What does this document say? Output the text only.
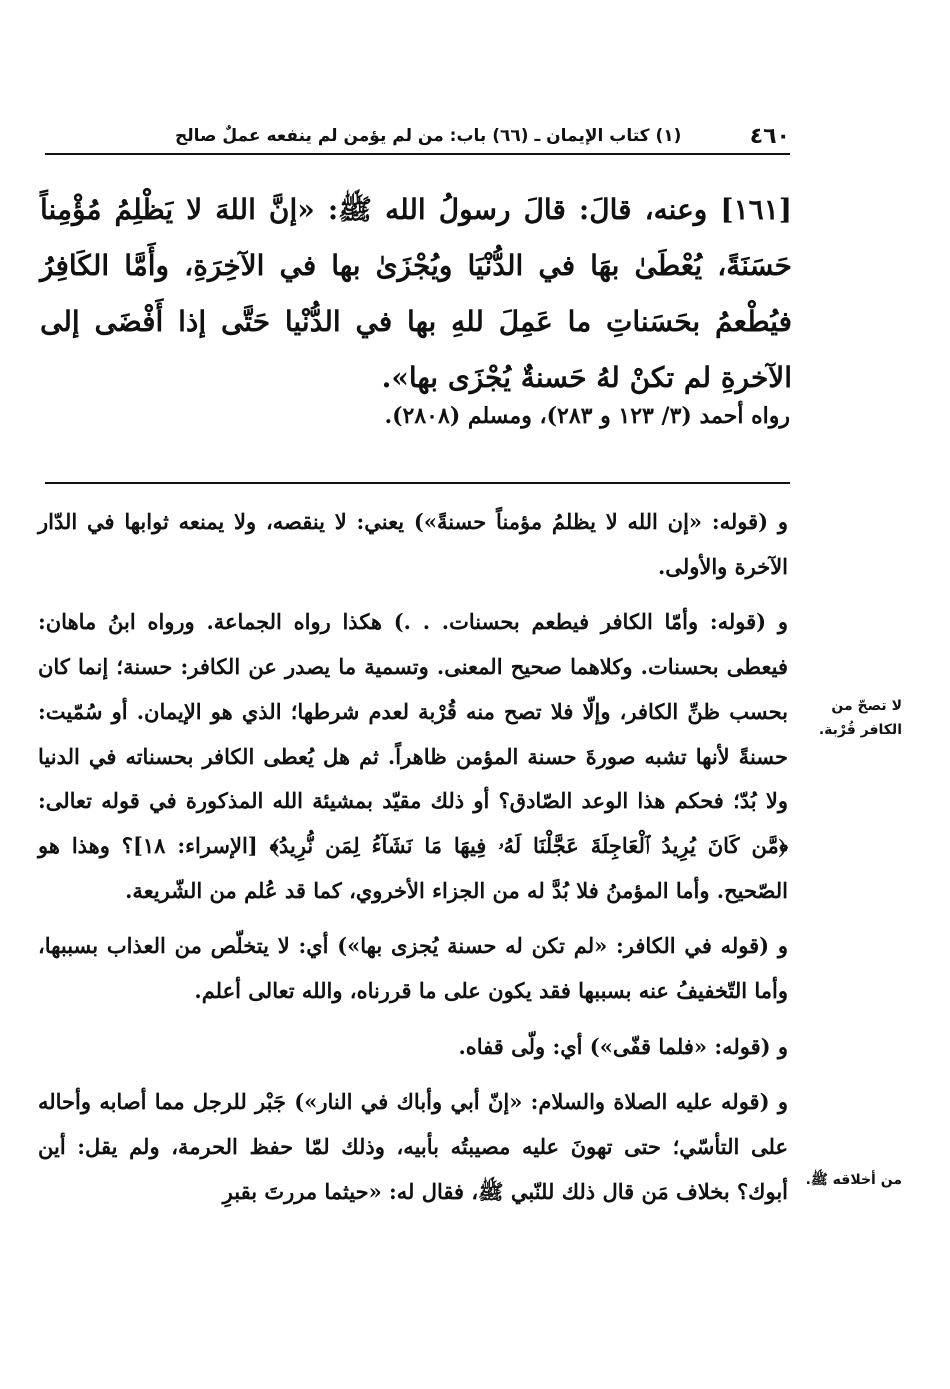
٤٦٠
(١) كتاب الإيمان ـ (٦٦) باب: من لم يؤمن لم ينفعه عملٌ صالح
[١٦١] وعنه، قالَ: قالَ رسولُ الله ﷺ: «إنَّ اللهَ لا يَظْلِمُ مُؤْمِناً حَسَنَةً، يُعْطَىٰ بهَا في الدُّنْيَا ويُجْزَىٰ بها في الآخِرَةِ، وأَمَّا الكَافِرُ فيُطْعمُ بحَسَناتِ ما عَمِلَ للهِ بها في الدُّنْيا حَتَّى إذا أَفْضَى إلى الآخرةِ لم تكنْ لهُ حَسنةٌ يُجْزَى بها».
رواه أحمد (٣/ ١٢٣ و ٢٨٣)، ومسلم (٢٨٠٨).

و (قوله: «إن الله لا يظلمُ مؤمناً حسنةً») يعني: لا ينقصه، ولا يمنعه ثوابها في الدّار الآخرة والأولى.

و (قوله: وأمّا الكافر فيطعم بحسنات. . .) هكذا رواه الجماعة. ورواه ابنُ ماهان: فيعطى بحسنات. وكلاهما صحيح المعنى. وتسمية ما يصدر عن الكافر: حسنة؛ إنما كان بحسب ظنِّ الكافر، وإلّا فلا تصح منه قُرْبة لعدم شرطها؛ الذي هو الإيمان. أو سُمّيت: حسنةً لأنها تشبه صورةَ حسنة المؤمن ظاهراً. ثم هل يُعطى الكافر بحسناته في الدنيا ولا بُدّ؛ فحكم هذا الوعد الصّادق؟ أو ذلك مقيّد بمشيئة الله المذكورة في قوله تعالى: ﴿مَّن كَانَ يُرِيدُ ٱلْعَاجِلَةَ عَجَّلْنَا لَهُۥ فِيهَا مَا نَشَآءُ لِمَن نُّرِيدُ﴾ [الإسراء: ١٨]؟ وهذا هو الصّحيح. وأما المؤمنُ فلا بُدَّ له من الجزاء الأخروي، كما قد عُلم من الشّريعة.

و (قوله في الكافر: «لم تكن له حسنة يُجزى بها») أي: لا يتخلّص من العذاب بسببها، وأما التّخفيفُ عنه بسببها فقد يكون على ما قررناه، والله تعالى أعلم.

و (قوله: «فلما قفّى») أي: ولّى قفاه.

و (قوله عليه الصلاة والسلام: «إنّ أبي وأباك في النار») جَبْر للرجل مما أصابه وأحاله على التأسّي؛ حتى تهونَ عليه مصيبتُه بأبيه، وذلك لمّا حفظ الحرمة، ولم يقل: أين أبوك؟ بخلاف مَن قال ذلك للنّبي ﷺ، فقال له: «حيثما مررتَ بقبرِ

لا تصحّ من الكافر قُرْبة.
من أخلاقه ﷺ.
